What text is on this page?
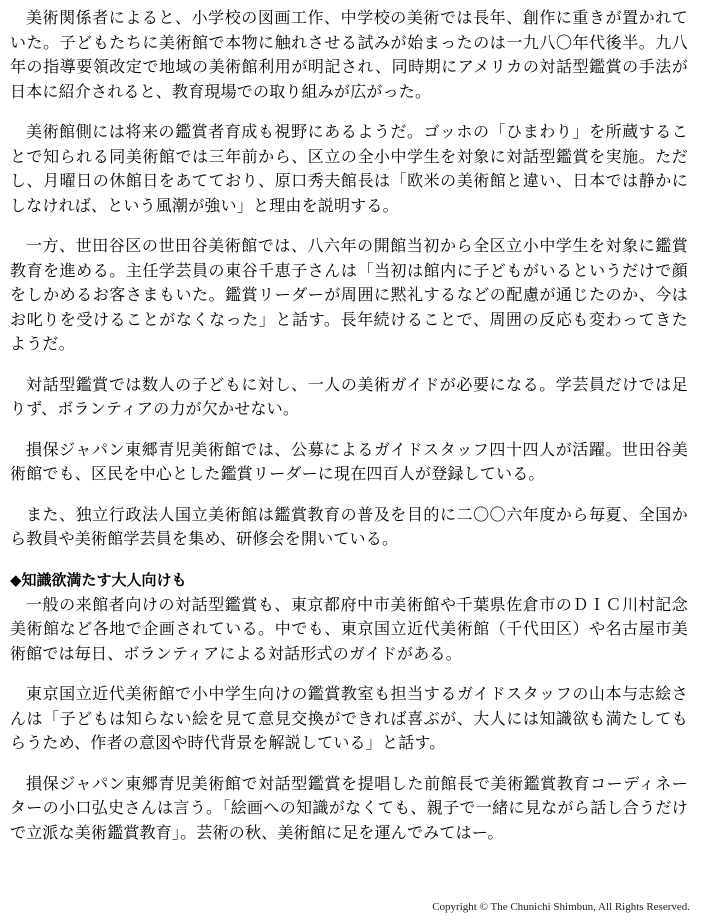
美術関係者によると、小学校の図画工作、中学校の美術では長年、創作に重きが置かれていた。子どもたちに美術館で本物に触れさせる試みが始まったのは一九八〇年代後半。九八年の指導要領改定で地域の美術館利用が明記され、同時期にアメリカの対話型鑑賞の手法が日本に紹介されると、教育現場での取り組みが広がった。

美術館側には将来の鑑賞者育成も視野にあるようだ。ゴッホの「ひまわり」を所蔵することで知られる同美術館では三年前から、区立の全小中学生を対象に対話型鑑賞を実施。ただし、月曜日の休館日をあてており、原口秀夫館長は「欧米の美術館と違い、日本では静かにしなければ、という風潮が強い」と理由を説明する。

一方、世田谷区の世田谷美術館では、八六年の開館当初から全区立小中学生を対象に鑑賞教育を進める。主任学芸員の東谷千恵子さんは「当初は館内に子どもがいるというだけで顔をしかめるお客さまもいた。鑑賞リーダーが周囲に黙礼するなどの配慮が通じたのか、今はお叱りを受けることがなくなった」と話す。長年続けることで、周囲の反応も変わってきたようだ。

対話型鑑賞では数人の子どもに対し、一人の美術ガイドが必要になる。学芸員だけでは足りず、ボランティアの力が欠かせない。

損保ジャパン東郷青児美術館では、公募によるガイドスタッフ四十四人が活躍。世田谷美術館でも、区民を中心とした鑑賞リーダーに現在四百人が登録している。

また、独立行政法人国立美術館は鑑賞教育の普及を目的に二〇〇六年度から毎夏、全国から教員や美術館学芸員を集め、研修会を開いている。

◆知識欲満たす大人向けも

一般の来館者向けの対話型鑑賞も、東京都府中市美術館や千葉県佐倉市のＤＩＣ川村記念美術館など各地で企画されている。中でも、東京国立近代美術館（千代田区）や名古屋市美術館では毎日、ボランティアによる対話形式のガイドがある。

東京国立近代美術館で小中学生向けの鑑賞教室も担当するガイドスタッフの山本与志絵さんは「子どもは知らない絵を見て意見交換ができれば喜ぶが、大人には知識欲も満たしてもらうため、作者の意図や時代背景を解説している」と話す。

損保ジャパン東郷青児美術館で対話型鑑賞を提唱した前館長で美術鑑賞教育コーディネーターの小口弘史さんは言う。「絵画への知識がなくても、親子で一緒に見ながら話し合うだけで立派な美術鑑賞教育」。芸術の秋、美術館に足を運んでみてはー。

Copyright © The Chunichi Shimbun, All Rights Reserved.
